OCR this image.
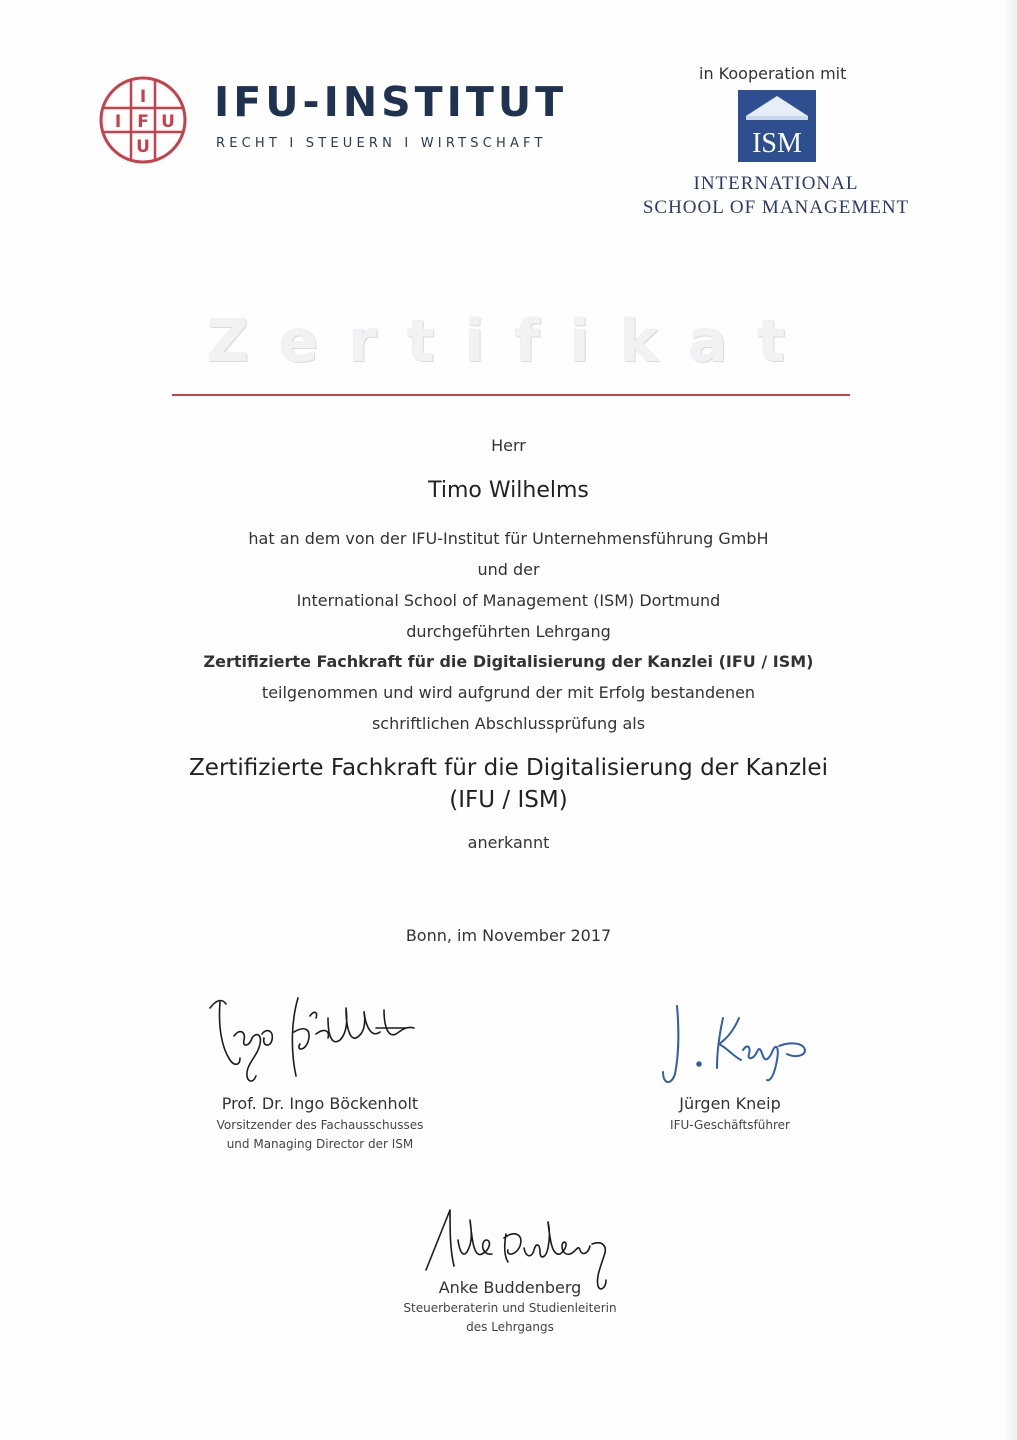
I
I F U
U
IFU-INSTITUT
RECHT I STEUERN I WIRTSCHAFT
in Kooperation mit
ISM
INTERNATIONAL
SCHOOL OF MANAGEMENT
Zertifikat
Herr
Timo Wilhelms
hat an dem von der IFU-Institut für Unternehmensführung GmbH
und der
International School of Management (ISM) Dortmund
durchgeführten Lehrgang
Zertifizierte Fachkraft für die Digitalisierung der Kanzlei (IFU / ISM)
teilgenommen und wird aufgrund der mit Erfolg bestandenen
schriftlichen Abschlussprüfung als
Zertifizierte Fachkraft für die Digitalisierung der Kanzlei
(IFU / ISM)
anerkannt
Bonn, im November 2017
Prof. Dr. Ingo Böckenholt
Vorsitzender des Fachausschusses
und Managing Director der ISM
Jürgen Kneip
IFU-Geschäftsführer
Anke Buddenberg
Steuerberaterin und Studienleiterin
des Lehrgangs
